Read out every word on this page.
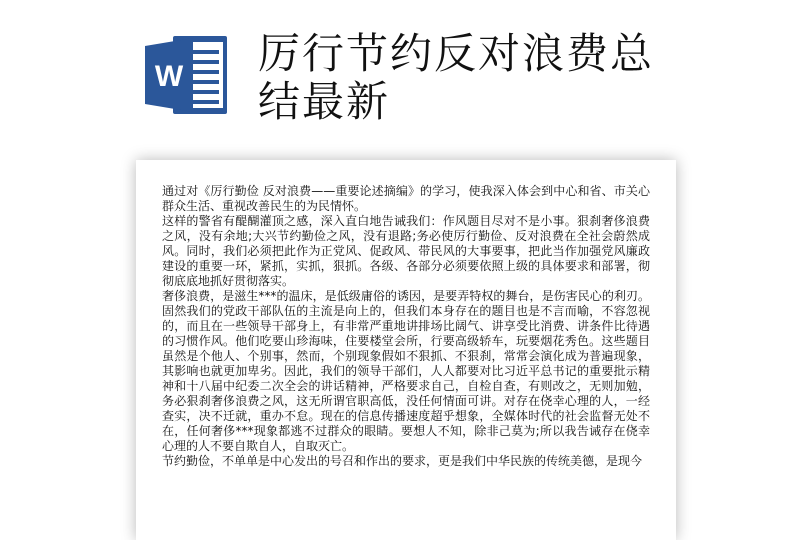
W 厉行节约反对浪费总
结最新

通过对《厉行勤俭 反对浪费——重要论述摘编》的学习，使我深入体会到中心和省、市关心群众生活、重视改善民生的为民情怀。

这样的警省有醍醐灌顶之感，深入直白地告诫我们：作风题目尽对不是小事。狠刹奢侈浪费之风，没有余地;大兴节约勤俭之风，没有退路;务必使厉行勤俭、反对浪费在全社会蔚然成风。同时，我们必须把此作为正党风、促政风、带民风的大事要事，把此当作加强党风廉政建设的重要一环，紧抓，实抓，狠抓。各级、各部分必须要依照上级的具体要求和部署，彻彻底底地抓好贯彻落实。

奢侈浪费，是滋生***的温床，是低级庸俗的诱因，是要弄特权的舞台，是伤害民心的利刃。固然我们的党政干部队伍的主流是向上的，但我们本身存在的题目也是不言而喻，不容忽视的，而且在一些领导干部身上，有非常严重地讲排场比阔气、讲享受比消费、讲条件比待遇的习惯作风。他们吃要山珍海味，住要楼堂会所，行要高级轿车，玩要烟花秀色。这些题目虽然是个他人、个别事，然而，个别现象假如不狠抓、不狠刹，常常会演化成为普遍现象，其影响也就更加卑劣。因此，我们的领导干部们，人人都要对比习近平总书记的重要批示精神和十八届中纪委二次全会的讲话精神，严格要求自己，自检自查，有则改之，无则加勉，务必狠刹奢侈浪费之风，这无所谓官职高低，没任何情面可讲。对存在侥幸心理的人，一经查实，决不迁就，重办不怠。现在的信息传播速度超乎想象，全媒体时代的社会监督无处不在，任何奢侈***现象都逃不过群众的眼睛。要想人不知，除非己莫为;所以我告诫存在侥幸心理的人不要自欺自人，自取灭亡。

节约勤俭，不单单是中心发出的号召和作出的要求，更是我们中华民族的传统美德，是现今
